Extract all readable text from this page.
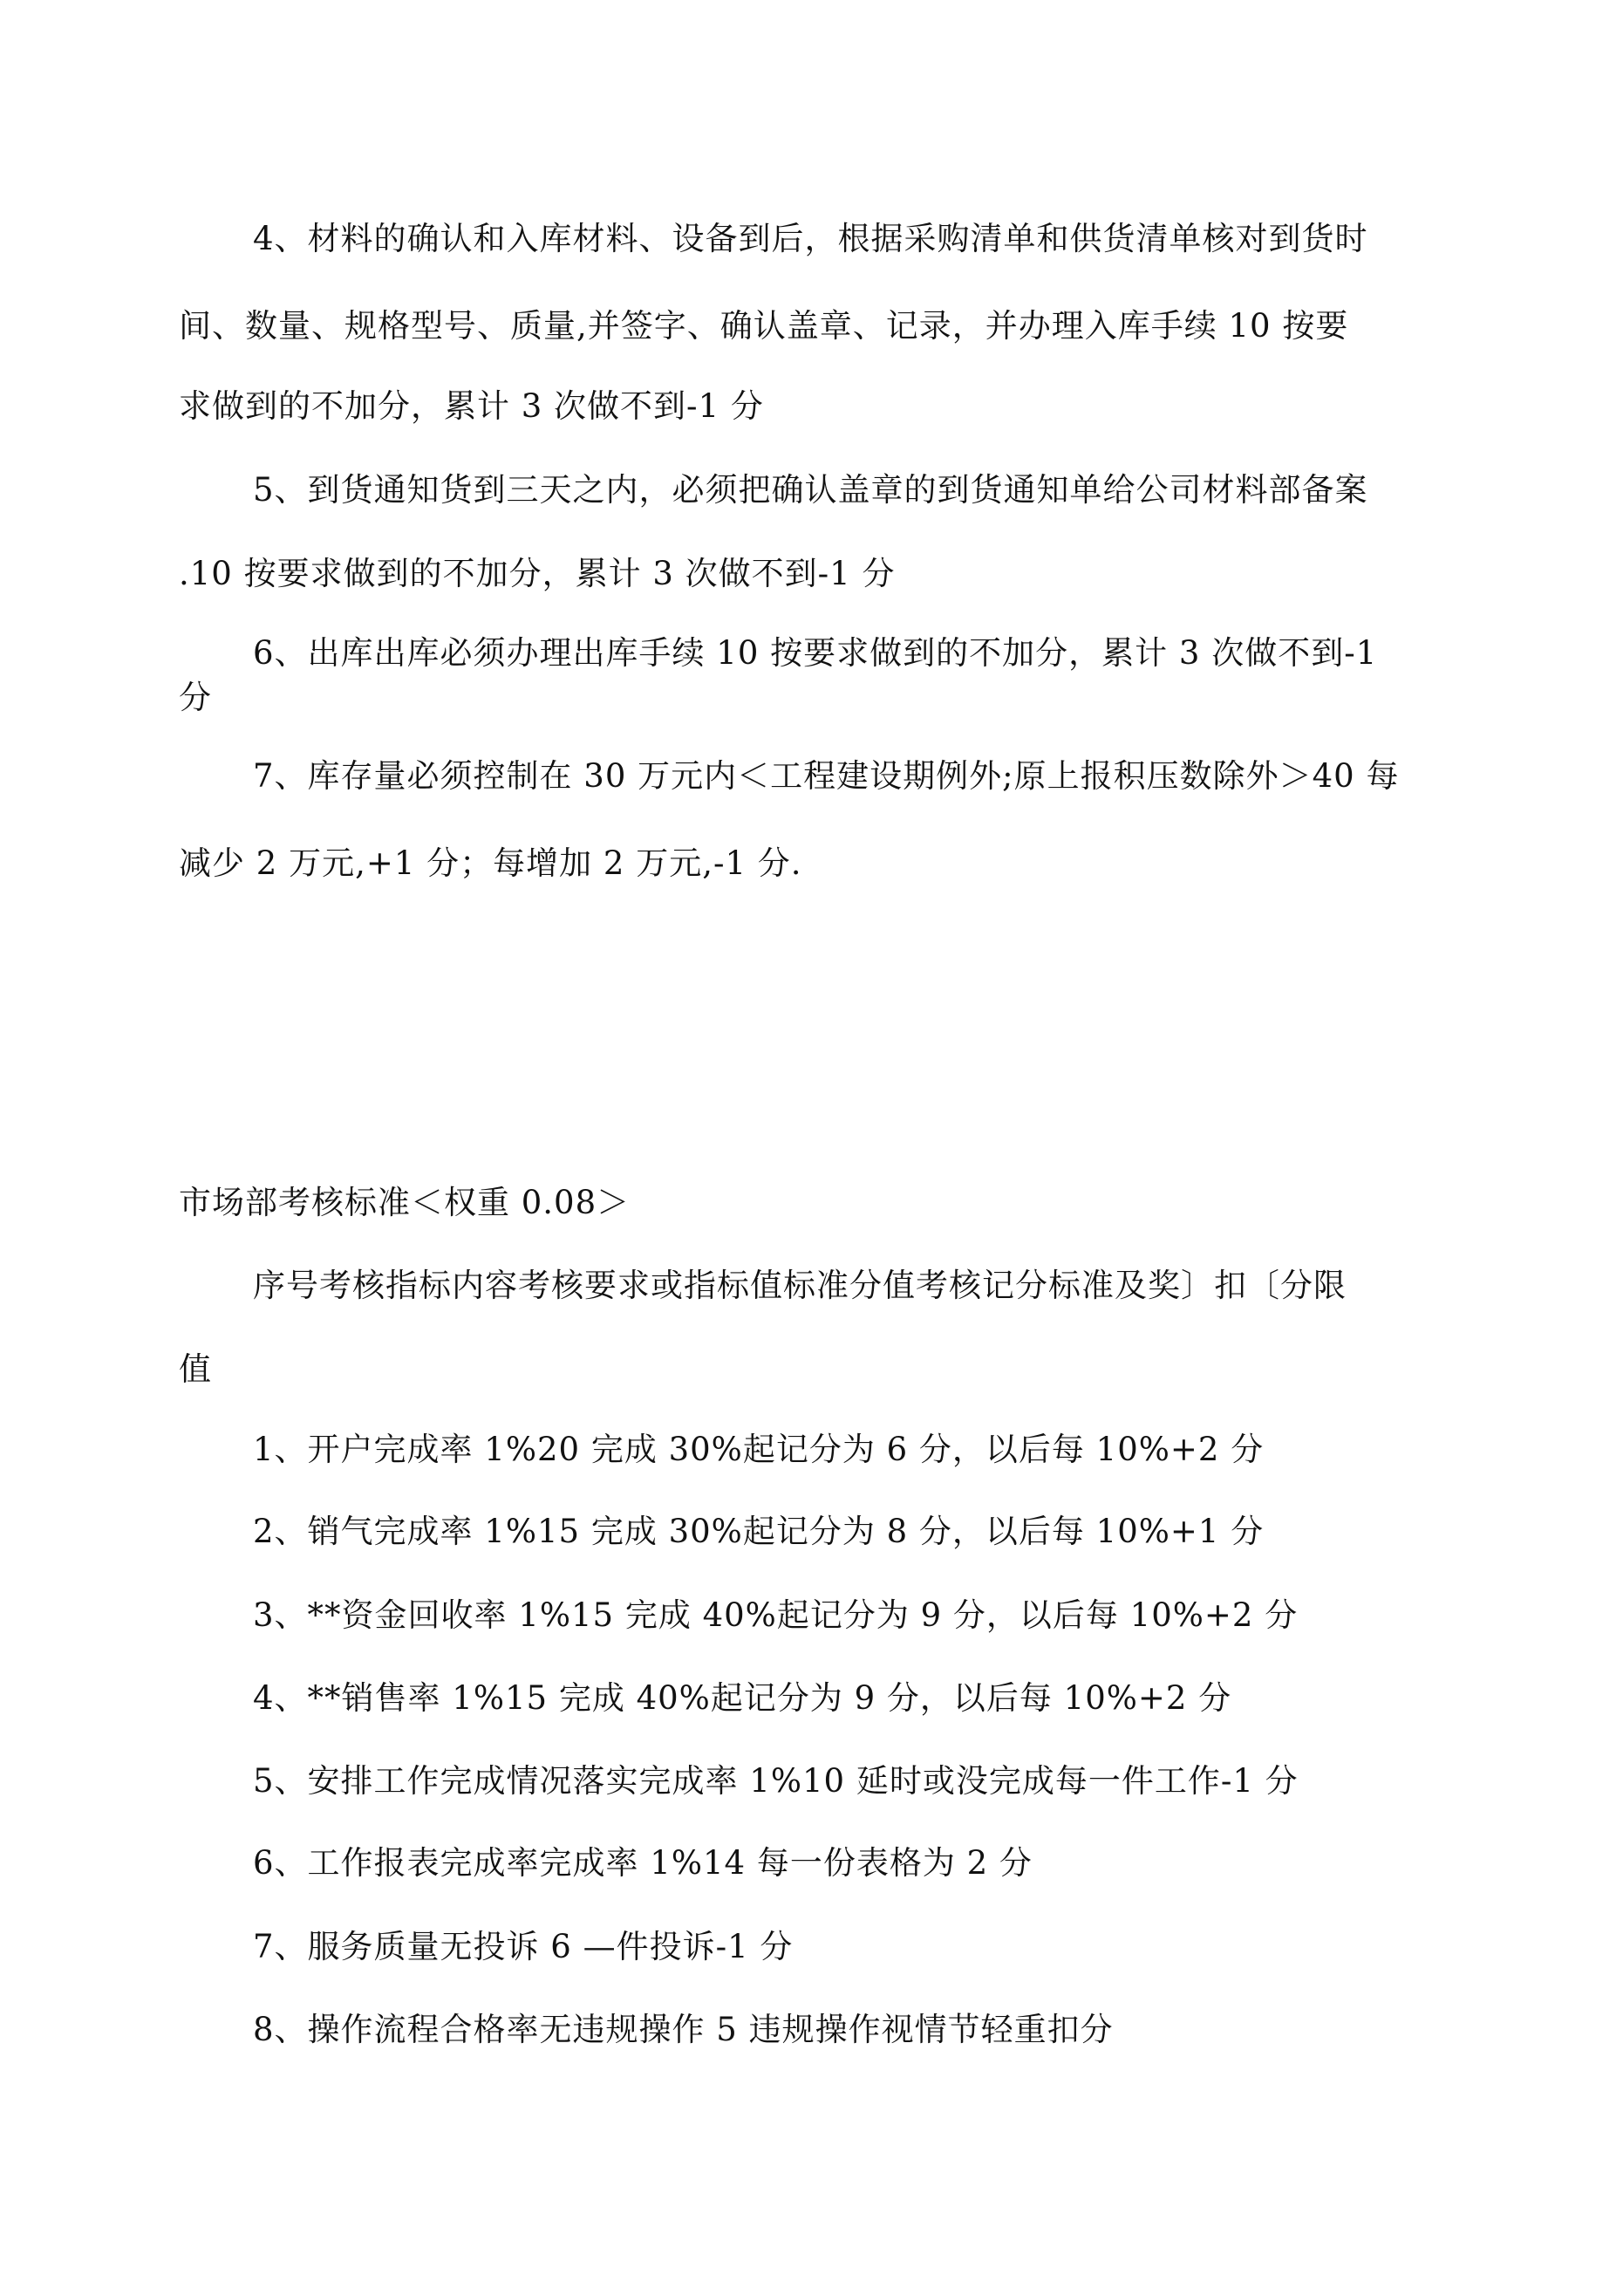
4、材料的确认和入库材料、设备到后，根据采购清单和供货清单核对到货时

间、数量、规格型号、质量,并签字、确认盖章、记录，并办理入库手续 10 按要

求做到的不加分，累计 3 次做不到-1 分

5、到货通知货到三天之内，必须把确认盖章的到货通知单给公司材料部备案

.10 按要求做到的不加分，累计 3 次做不到-1 分

6、出库出库必须办理出库手续 10 按要求做到的不加分，累计 3 次做不到-1

分

7、库存量必须控制在 30 万元内＜工程建设期例外;原上报积压数除外＞40 每

减少 2 万元,+1 分；每增加 2 万元,-1 分.

市场部考核标准＜权重 0.08＞

序号考核指标内容考核要求或指标值标准分值考核记分标准及奖〕扣〔分限

值

1、开户完成率 1%20 完成 30%起记分为 6 分，以后每 10%+2 分

2、销气完成率 1%15 完成 30%起记分为 8 分，以后每 10%+1 分

3、**资金回收率 1%15 完成 40%起记分为 9 分，以后每 10%+2 分

4、**销售率 1%15 完成 40%起记分为 9 分，以后每 10%+2 分

5、安排工作完成情况落实完成率 1%10 延时或没完成每一件工作-1 分

6、工作报表完成率完成率 1%14 每一份表格为 2 分

7、服务质量无投诉 6 —件投诉-1 分

8、操作流程合格率无违规操作 5 违规操作视情节轻重扣分
